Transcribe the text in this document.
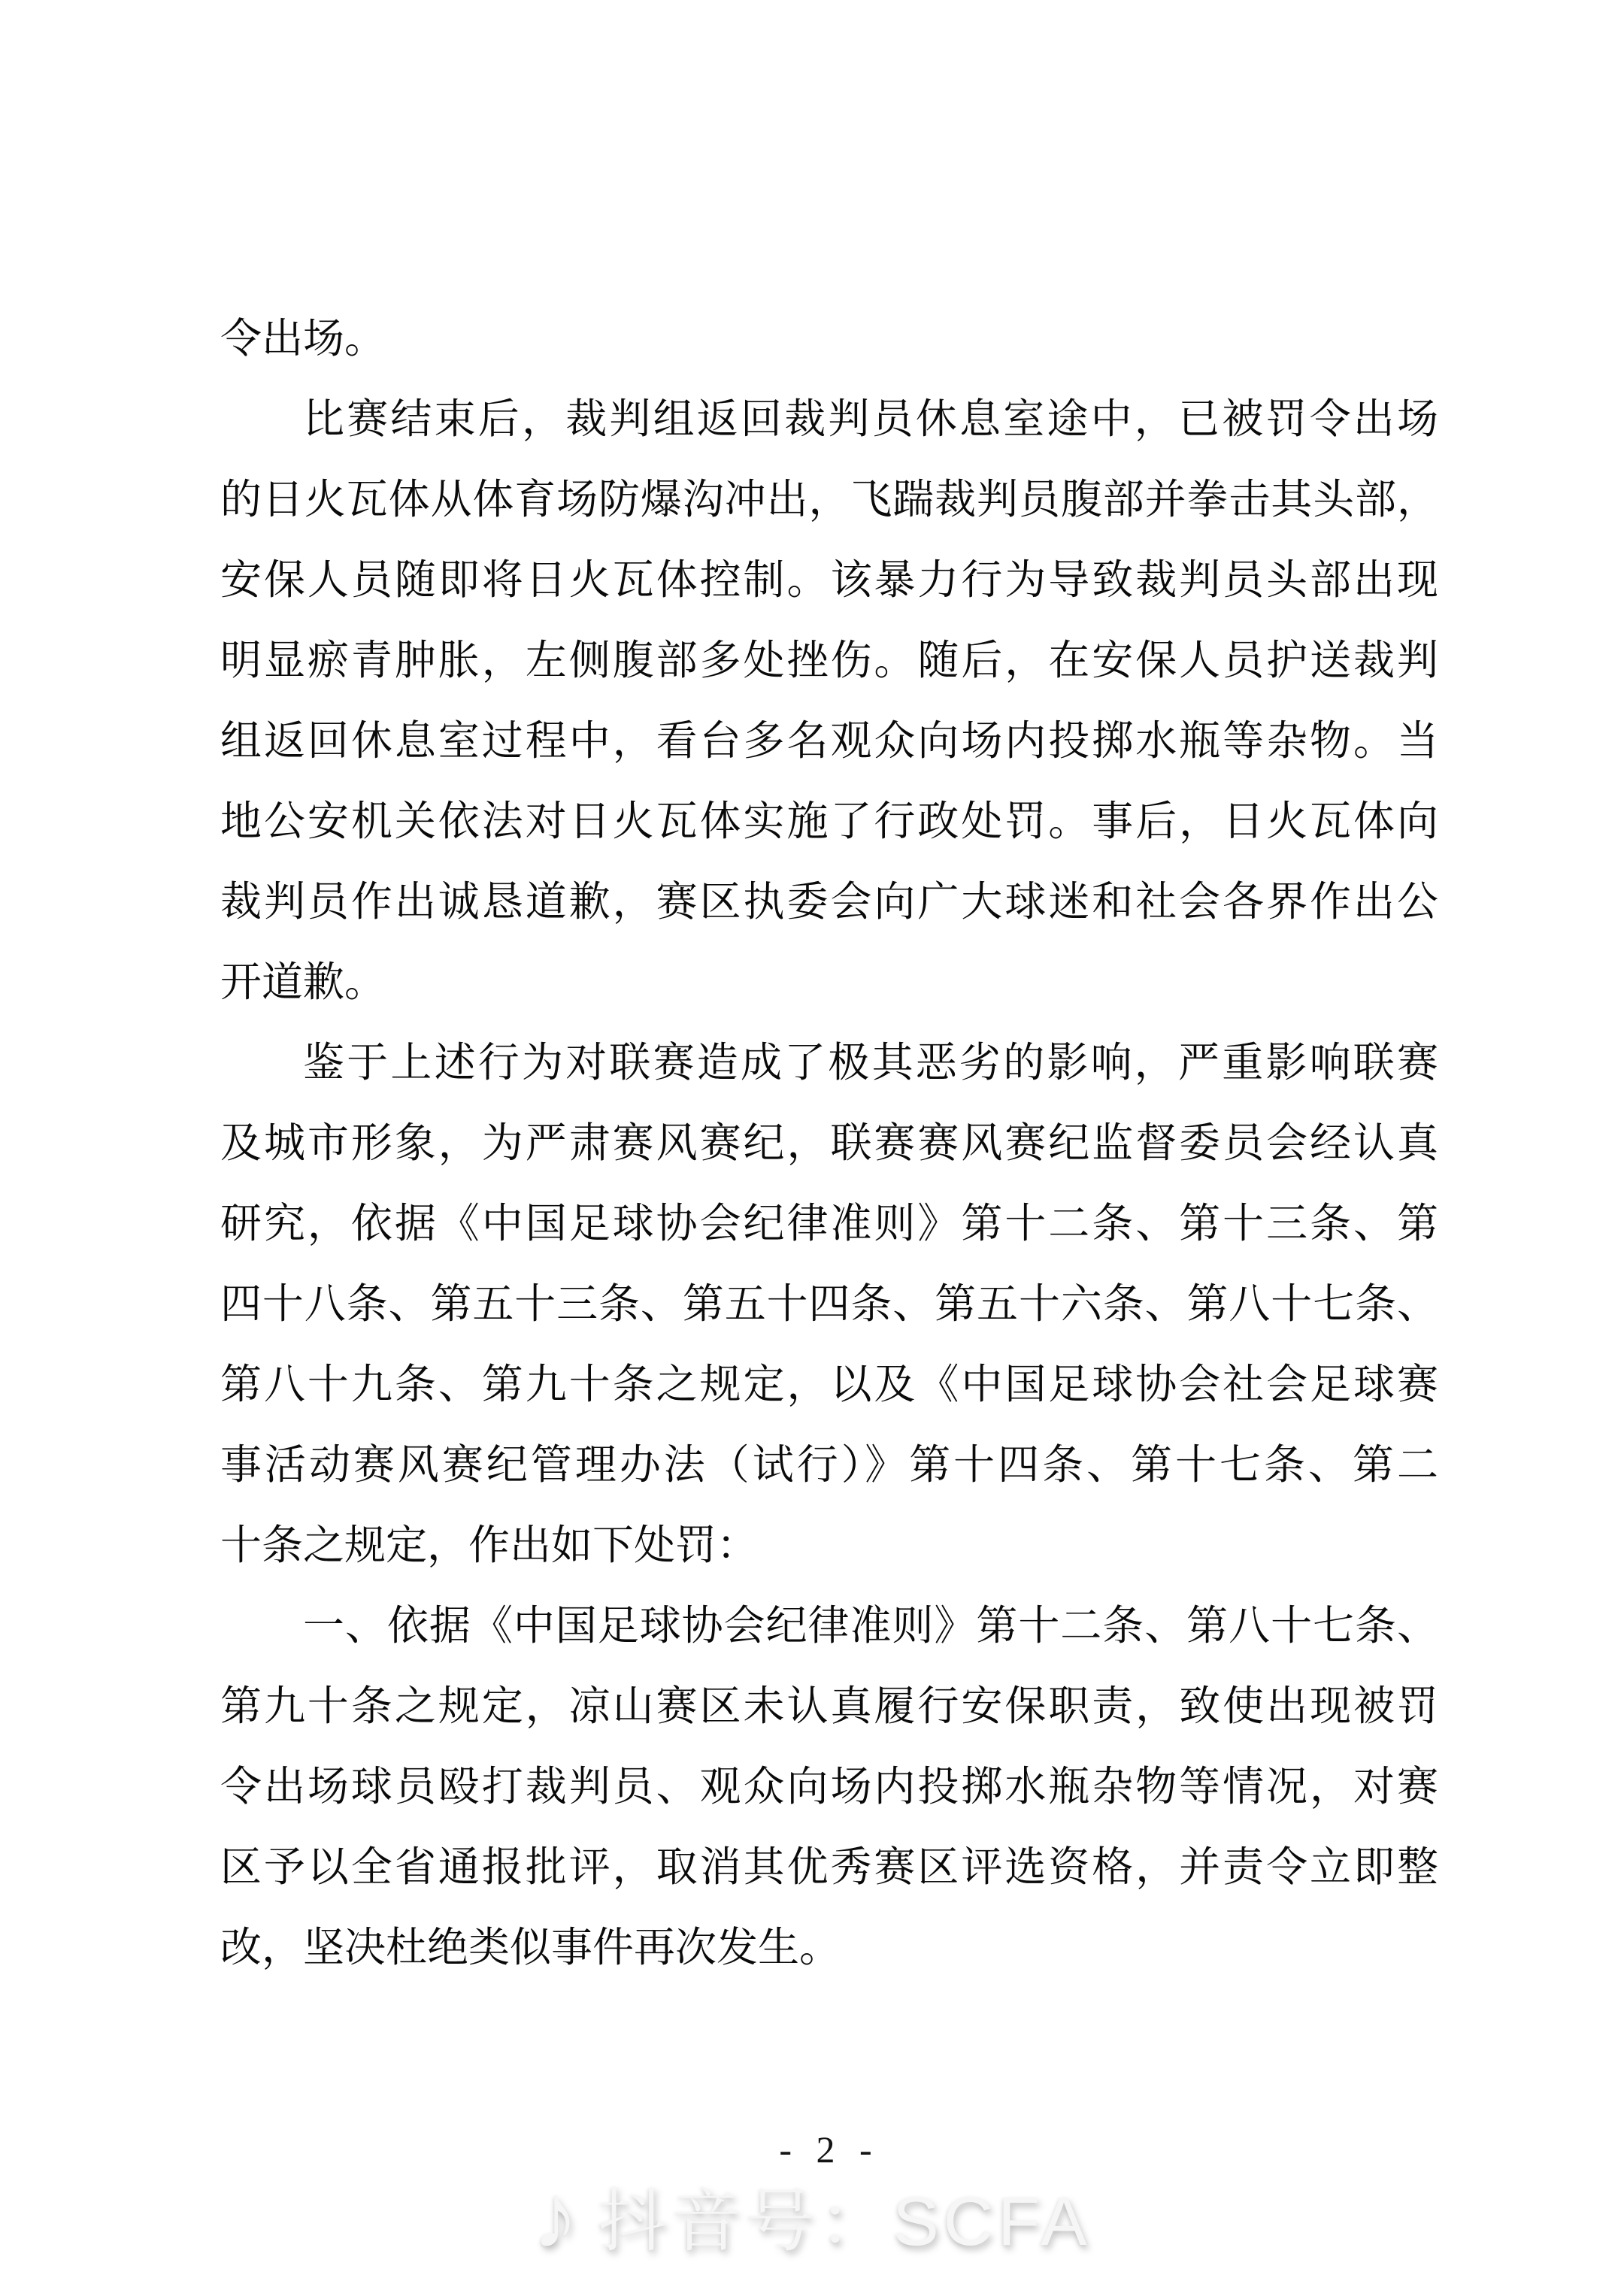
令出场。
比赛结束后，裁判组返回裁判员休息室途中，已被罚令出场
的日火瓦体从体育场防爆沟冲出，飞踹裁判员腹部并拳击其头部，
安保人员随即将日火瓦体控制。该暴力行为导致裁判员头部出现
明显瘀青肿胀，左侧腹部多处挫伤。随后，在安保人员护送裁判
组返回休息室过程中，看台多名观众向场内投掷水瓶等杂物。当
地公安机关依法对日火瓦体实施了行政处罚。事后，日火瓦体向
裁判员作出诚恳道歉，赛区执委会向广大球迷和社会各界作出公
开道歉。
鉴于上述行为对联赛造成了极其恶劣的影响，严重影响联赛
及城市形象，为严肃赛风赛纪，联赛赛风赛纪监督委员会经认真
研究，依据《中国足球协会纪律准则》第十二条、第十三条、第
四十八条、第五十三条、第五十四条、第五十六条、第八十七条、
第八十九条、第九十条之规定，以及《中国足球协会社会足球赛
事活动赛风赛纪管理办法（试行）》第十四条、第十七条、第二
十条之规定，作出如下处罚：
一、依据《中国足球协会纪律准则》第十二条、第八十七条、
第九十条之规定，凉山赛区未认真履行安保职责，致使出现被罚
令出场球员殴打裁判员、观众向场内投掷水瓶杂物等情况，对赛
区予以全省通报批评，取消其优秀赛区评选资格，并责令立即整
改，坚决杜绝类似事件再次发生。
- 2 -
♪ 抖音号：SCFA
